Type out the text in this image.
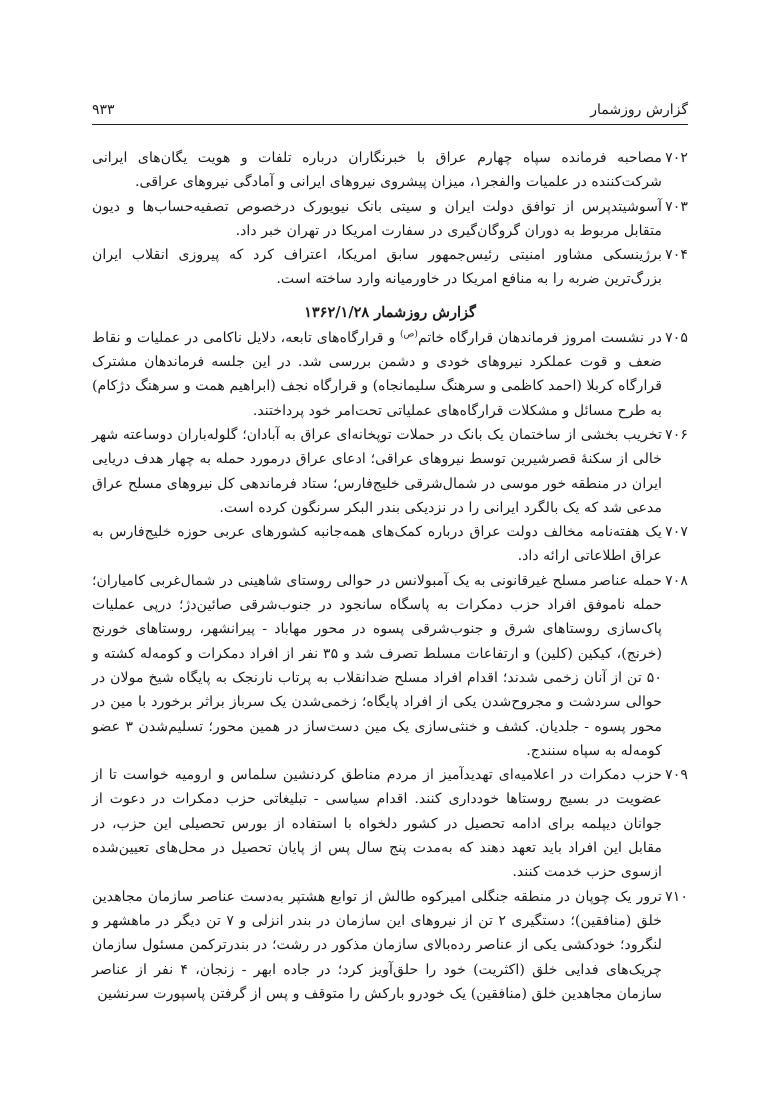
گزارش روزشمار
۹۳۳
۷۰۲
مصاحبه فرمانده سپاه چهارم عراق با خبرنگاران درباره تلفات و هویت یگان‌های ایرانی شرکت‌کننده در علمیات والفجر۱، میزان پیشروی نیروهای ایرانی و آمادگی نیروهای عراقی.
۷۰۳
آسوشیتدپرس از توافق دولت ایران و سیتی بانک نیویورک درخصوص تصفیه‌حساب‌ها و دیون متقابل مربوط به دوران گروگان‌گیری در سفارت امریکا در تهران خبر داد.
۷۰۴
برژینسکی مشاور امنیتی رئیس‌جمهور سابق امریکا، اعتراف کرد که پیروزی انقلاب ایران بزرگ‌ترین ضربه را به منافع امریکا در خاورمیانه وارد ساخته است.
گزارش روزشمار ۱۳۶۲/۱/۲۸
۷۰۵
در نشست امروز فرماندهان قرارگاه خاتم$^{(ص)}$ و قرارگاه‌های تابعه، دلایل ناکامی در عملیات و نقاط ضعف و قوت عملکرد نیروهای خودی و دشمن بررسی شد. در این جلسه فرماندهان مشترک قرارگاه کربلا (احمد کاظمی و سرهنگ سلیمانجاه) و قرارگاه نجف (ابراهیم همت و سرهنگ دژکام) به طرح مسائل و مشکلات قرارگاه‌های عملیاتی تحت‌امر خود پرداختند.
۷۰۶
تخریب بخشی از ساختمان یک بانک در حملات توپخانه‌ای عراق به آبادان؛ گلوله‌باران دوساعته شهر خالی از سکنهٔ قصرشیرین توسط نیروهای عراقی؛ ادعای عراق درمورد حمله به چهار هدف دریایی ایران در منطقه خور موسی در شمال‌شرقی خلیج‌فارس؛ ستاد فرماندهی کل نیروهای مسلح عراق مدعی شد که یک بالگرد ایرانی را در نزدیکی بندر البکر سرنگون کرده است.
۷۰۷
یک هفته‌نامه مخالف دولت عراق درباره کمک‌های همه‌جانبه کشورهای عربی حوزه خلیج‌فارس به عراق اطلاعاتی ارائه داد.
۷۰۸
حمله عناصر مسلح غیرقانونی به یک آمبولانس در حوالی روستای شاهینی در شمال‌غربی کامیاران؛ حمله ناموفق افراد حزب دمکرات به پاسگاه سانجود در جنوب‌شرقی صائین‌دژ؛ درپی عملیات پاک‌سازی روستاهای شرق و جنوب‌شرقی پسوه در محور مهاباد - پیرانشهر، روستاهای خورنج (خرنج)، کیکین (کلین) و ارتفاعات مسلط تصرف شد و ۳۵ نفر از افراد دمکرات و کومه‌له کشته و ۵۰ تن از آنان زخمی شدند؛ اقدام افراد مسلح ضدانقلاب به پرتاب نارنجک به پایگاه شیخ مولان در حوالی سردشت و مجروح‌شدن یکی از افراد پایگاه؛ زخمی‌شدن یک سرباز براثر برخورد با مین در محور پسوه - جلدیان. کشف و خنثی‌سازی یک مین دست‌ساز در همین محور؛ تسلیم‌شدن ۳ عضو کومه‌له به سپاه سنندج.
۷۰۹
حزب دمکرات در اعلامیه‌ای تهدیدآمیز از مردم مناطق کردنشین سلماس و ارومیه خواست تا از عضویت در بسیج روستاها خودداری کنند. اقدام سیاسی - تبلیغاتی حزب دمکرات در دعوت از جوانان دیپلمه برای ادامه تحصیل در کشور دلخواه با استفاده از بورس تحصیلی این حزب، در مقابل این افراد باید تعهد دهند که به‌مدت پنج سال پس از پایان تحصیل در محل‌های تعیین‌شده ازسوی حزب خدمت کنند.
۷۱۰
ترور یک چوپان در منطقه جنگلی امیرکوه طالش از توابع هشتپر به‌دست عناصر سازمان مجاهدین خلق (منافقین)؛ دستگیری ۲ تن از نیروهای این سازمان در بندر انزلی و ۷ تن دیگر در ماهشهر و لنگرود؛ خودکشی یکی از عناصر رده‌بالای سازمان مذکور در رشت؛ در بندرترکمن مسئول سازمان چریک‌های فدایی خلق (اکثریت) خود را حلق‌آویز کرد؛ در جاده ابهر - زنجان، ۴ نفر از عناصر سازمان مجاهدین خلق (منافقین) یک خودرو بارکش را متوقف و پس از گرفتن پاسپورت سرنشین
